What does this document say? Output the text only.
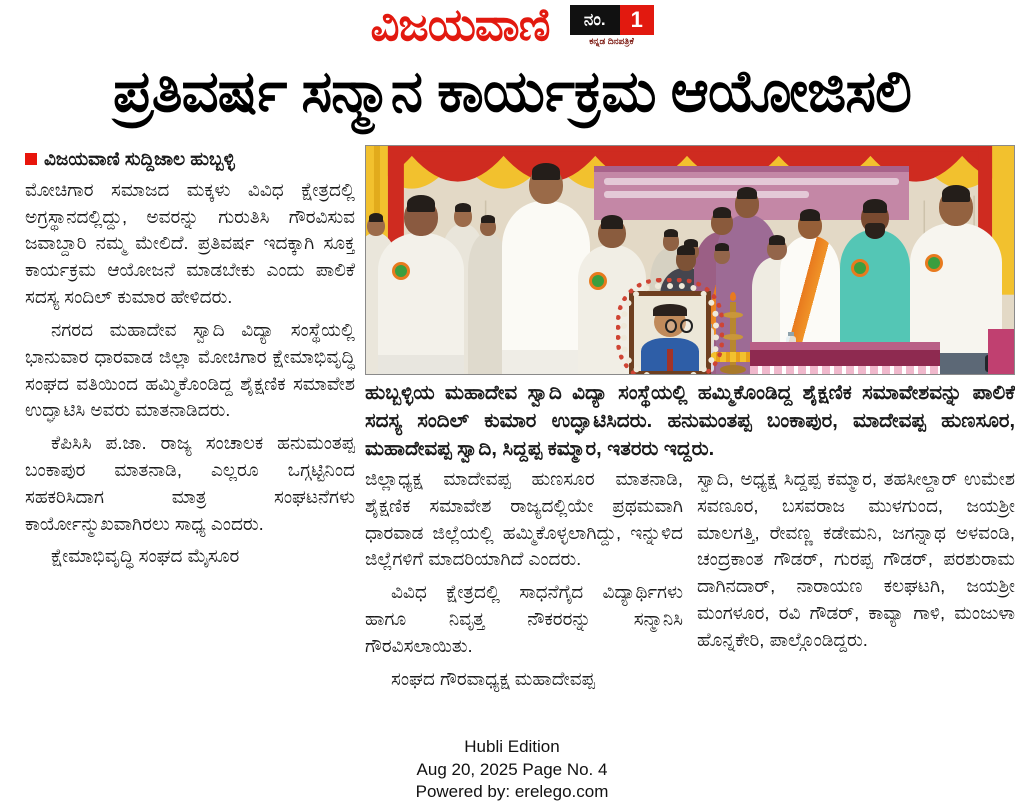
ವಿಜಯವಾಣಿ	ನಂ.	1
ಕನ್ನಡ ದಿನಪತ್ರಿಕೆ
ಪ್ರತಿವರ್ಷ ಸನ್ಮಾನ ಕಾರ್ಯಕ್ರಮ ಆಯೋಜಿಸಲಿ
ವಿಜಯವಾಣಿ ಸುದ್ದಿಜಾಲ ಹುಬ್ಬಳ್ಳಿ

ಮೋಚಿಗಾರ ಸಮಾಜದ ಮಕ್ಕಳು ವಿವಿಧ ಕ್ಷೇತ್ರದಲ್ಲಿ ಅಗ್ರಸ್ಥಾನದಲ್ಲಿದ್ದು, ಅವರನ್ನು ಗುರುತಿಸಿ ಗೌರವಿಸುವ ಜವಾಬ್ದಾರಿ ನಮ್ಮ ಮೇಲಿದೆ. ಪ್ರತಿವರ್ಷ ಇದಕ್ಕಾಗಿ ಸೂಕ್ತ ಕಾರ್ಯಕ್ರಮ ಆಯೋಜನೆ ಮಾಡಬೇಕು ಎಂದು ಪಾಲಿಕೆ ಸದಸ್ಯ ಸಂದಿಲ್ ಕುಮಾರ ಹೇಳಿದರು.

ನಗರದ ಮಹಾದೇವ ಸ್ವಾದಿ ವಿದ್ಯಾ ಸಂಸ್ಥೆಯಲ್ಲಿ ಭಾನುವಾರ ಧಾರವಾಡ ಜಿಲ್ಲಾ ಮೋಚಿಗಾರ ಕ್ಷೇಮಾಭಿವೃದ್ಧಿ ಸಂಘದ ವತಿಯಿಂದ ಹಮ್ಮಿಕೊಂಡಿದ್ದ ಶೈಕ್ಷಣಿಕ ಸಮಾವೇಶ ಉದ್ಘಾಟಿಸಿ ಅವರು ಮಾತನಾಡಿದರು.

ಕೆಪಿಸಿಸಿ ಪ.ಜಾ. ರಾಜ್ಯ ಸಂಚಾಲಕ ಹನುಮಂತಪ್ಪ ಬಂಕಾಪುರ ಮಾತನಾಡಿ, ಎಲ್ಲರೂ ಒಗ್ಗಟ್ಟಿನಿಂದ ಸಹಕರಿಸಿದಾಗ ಮಾತ್ರ ಸಂಘಟನೆಗಳು ಕಾರ್ಯೋನ್ಮುಖವಾಗಿರಲು ಸಾಧ್ಯ ಎಂದರು.

ಕ್ಷೇಮಾಭಿವೃದ್ಧಿ ಸಂಘದ ಮೈಸೂರ

ಹುಬ್ಬಳ್ಳಿಯ ಮಹಾದೇವ ಸ್ವಾದಿ ವಿದ್ಯಾ ಸಂಸ್ಥೆಯಲ್ಲಿ ಹಮ್ಮಿಕೊಂಡಿದ್ದ ಶೈಕ್ಷಣಿಕ ಸಮಾವೇಶವನ್ನು ಪಾಲಿಕೆ ಸದಸ್ಯ ಸಂದಿಲ್ ಕುಮಾರ ಉದ್ಘಾಟಿಸಿದರು. ಹನುಮಂತಪ್ಪ ಬಂಕಾಪುರ, ಮಾದೇವಪ್ಪ ಹುಣಸೂರ, ಮಹಾದೇವಪ್ಪ ಸ್ವಾದಿ, ಸಿದ್ದಪ್ಪ ಕಮ್ಮಾರ, ಇತರರು ಇದ್ದರು.

ಜಿಲ್ಲಾಧ್ಯಕ್ಷ ಮಾದೇವಪ್ಪ ಹುಣಸೂರ ಮಾತನಾಡಿ, ಶೈಕ್ಷಣಿಕ ಸಮಾವೇಶ ರಾಜ್ಯದಲ್ಲಿಯೇ ಪ್ರಥಮವಾಗಿ ಧಾರವಾಡ ಜಿಲ್ಲೆಯಲ್ಲಿ ಹಮ್ಮಿಕೊಳ್ಳಲಾಗಿದ್ದು, ಇನ್ನುಳಿದ ಜಿಲ್ಲೆಗಳಿಗೆ ಮಾದರಿಯಾಗಿದೆ ಎಂದರು.

ವಿವಿಧ ಕ್ಷೇತ್ರದಲ್ಲಿ ಸಾಧನೆಗೈದ ವಿದ್ಯಾರ್ಥಿಗಳು ಹಾಗೂ ನಿವೃತ್ತ ನೌಕರರನ್ನು ಸನ್ಮಾನಿಸಿ ಗೌರವಿಸಲಾಯಿತು.

ಸಂಘದ ಗೌರವಾಧ್ಯಕ್ಷ ಮಹಾದೇವಪ್ಪ

ಸ್ವಾದಿ, ಅಧ್ಯಕ್ಷ ಸಿದ್ದಪ್ಪ ಕಮ್ಮಾರ, ತಹಸೀಲ್ದಾರ್ ಉಮೇಶ ಸವಣೂರ, ಬಸವರಾಜ ಮುಳಗುಂದ, ಜಯಶ್ರೀ ಮಾಲಗತ್ತಿ, ರೇವಣ್ಣ ಕಡೇಮನಿ, ಜಗನ್ನಾಥ ಅಳವಂಡಿ, ಚಂದ್ರಕಾಂತ ಗೌಡರ್, ಗುರಪ್ಪ ಗೌಡರ್, ಪರಶುರಾಮ ದಾಗಿನದಾರ್, ನಾರಾಯಣ ಕಲಘಟಗಿ, ಜಯಶ್ರೀ ಮಂಗಳೂರ, ರವಿ ಗೌಡರ್, ಕಾವ್ಯಾ ಗಾಳಿ, ಮಂಜುಳಾ ಹೊನ್ನಕೇರಿ, ಪಾಲ್ಗೊಂಡಿದ್ದರು.

Hubli Edition
Aug 20, 2025 Page No. 4
Powered by: erelego.com
